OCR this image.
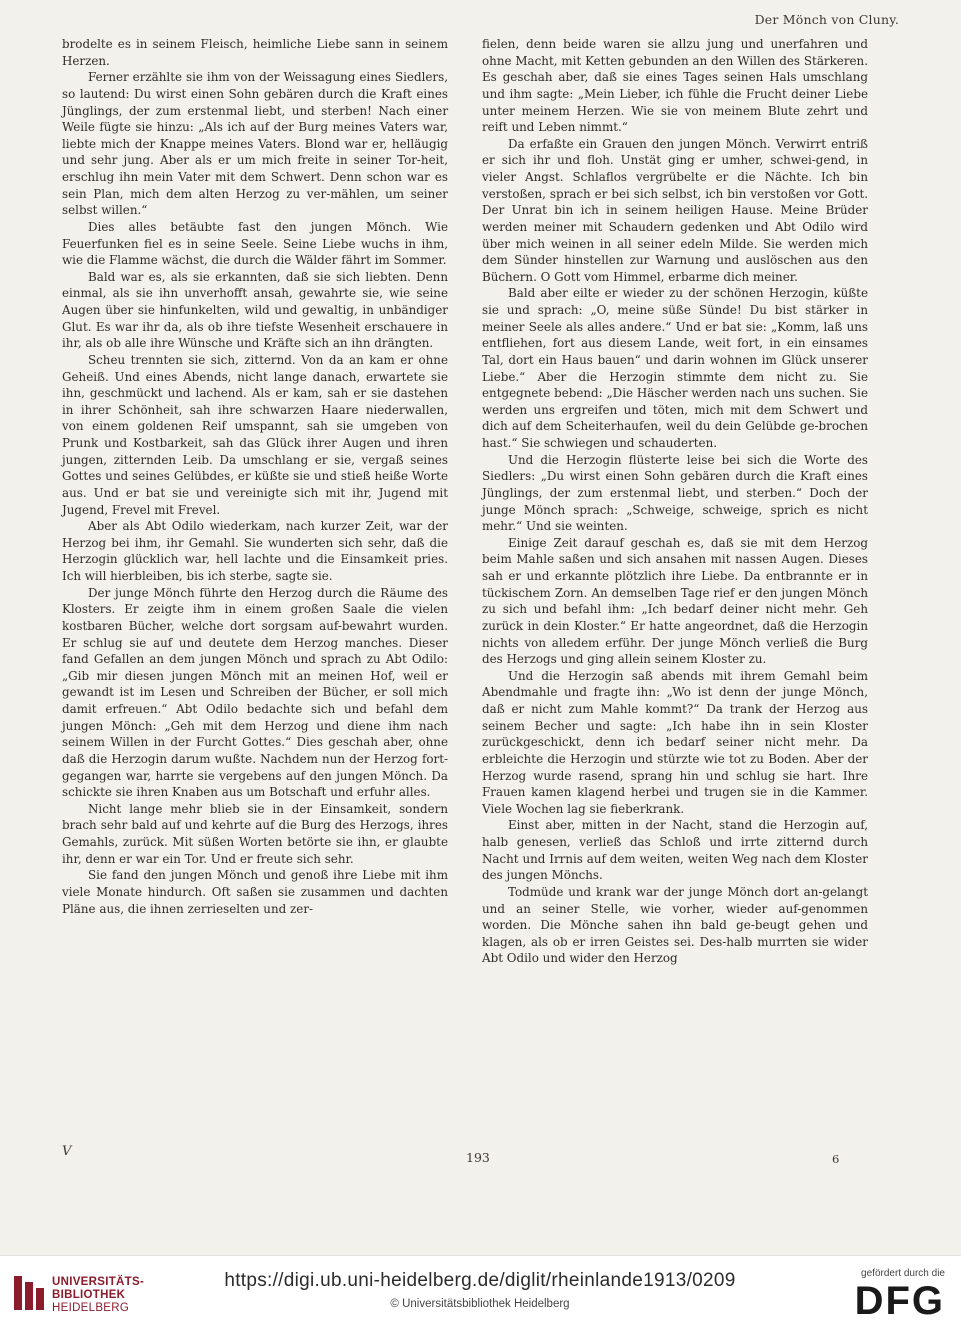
Der Mönch von Cluny.

brodelte es in seinem Fleisch, heimliche Liebe sann in seinem Herzen.

Ferner erzählte sie ihm von der Weissagung eines Siedlers, so lautend: Du wirst einen Sohn gebären durch die Kraft eines Jünglings, der zum erstenmal liebt, und sterben! Nach einer Weile fügte sie hinzu: „Als ich auf der Burg meines Vaters war, liebte mich der Knappe meines Vaters. Blond war er, helläugig und sehr jung. Aber als er um mich freite in seiner Tor-heit, erschlug ihn mein Vater mit dem Schwert. Denn schon war es sein Plan, mich dem alten Herzog zu ver-mählen, um seiner selbst willen.“

Dies alles betäubte fast den jungen Mönch. Wie Feuerfunken fiel es in seine Seele. Seine Liebe wuchs in ihm, wie die Flamme wächst, die durch die Wälder fährt im Sommer.

Bald war es, als sie erkannten, daß sie sich liebten. Denn einmal, als sie ihn unverhofft ansah, gewahrte sie, wie seine Augen über sie hinfunkelten, wild und gewaltig, in unbändiger Glut. Es war ihr da, als ob ihre tiefste Wesenheit erschauere in ihr, als ob alle ihre Wünsche und Kräfte sich an ihn drängten.

Scheu trennten sie sich, zitternd. Von da an kam er ohne Geheiß. Und eines Abends, nicht lange danach, erwartete sie ihn, geschmückt und lachend. Als er kam, sah er sie dastehen in ihrer Schönheit, sah ihre schwarzen Haare niederwallen, von einem goldenen Reif umspannt, sah sie umgeben von Prunk und Kostbarkeit, sah das Glück ihrer Augen und ihren jungen, zitternden Leib. Da umschlang er sie, vergaß seines Gottes und seines Gelübdes, er küßte sie und stieß heiße Worte aus. Und er bat sie und vereinigte sich mit ihr, Jugend mit Jugend, Frevel mit Frevel.

Aber als Abt Odilo wiederkam, nach kurzer Zeit, war der Herzog bei ihm, ihr Gemahl. Sie wunderten sich sehr, daß die Herzogin glücklich war, hell lachte und die Einsamkeit pries. Ich will hierbleiben, bis ich sterbe, sagte sie.

Der junge Mönch führte den Herzog durch die Räume des Klosters. Er zeigte ihm in einem großen Saale die vielen kostbaren Bücher, welche dort sorgsam auf-bewahrt wurden. Er schlug sie auf und deutete dem Herzog manches. Dieser fand Gefallen an dem jungen Mönch und sprach zu Abt Odilo: „Gib mir diesen jungen Mönch mit an meinen Hof, weil er gewandt ist im Lesen und Schreiben der Bücher, er soll mich damit erfreuen.“ Abt Odilo bedachte sich und befahl dem jungen Mönch: „Geh mit dem Herzog und diene ihm nach seinem Willen in der Furcht Gottes.“ Dies geschah aber, ohne daß die Herzogin darum wußte. Nachdem nun der Herzog fort-gegangen war, harrte sie vergebens auf den jungen Mönch. Da schickte sie ihren Knaben aus um Botschaft und erfuhr alles.

Nicht lange mehr blieb sie in der Einsamkeit, sondern brach sehr bald auf und kehrte auf die Burg des Herzogs, ihres Gemahls, zurück. Mit süßen Worten betörte sie ihn, er glaubte ihr, denn er war ein Tor. Und er freute sich sehr.

Sie fand den jungen Mönch und genoß ihre Liebe mit ihm viele Monate hindurch. Oft saßen sie zusammen und dachten Pläne aus, die ihnen zerrieselten und zer-

fielen, denn beide waren sie allzu jung und unerfahren und ohne Macht, mit Ketten gebunden an den Willen des Stärkeren. Es geschah aber, daß sie eines Tages seinen Hals umschlang und ihm sagte: „Mein Lieber, ich fühle die Frucht deiner Liebe unter meinem Herzen. Wie sie von meinem Blute zehrt und reift und Leben nimmt.“

Da erfaßte ein Grauen den jungen Mönch. Verwirrt entriß er sich ihr und floh. Unstät ging er umher, schwei-gend, in vieler Angst. Schlaflos vergrübelte er die Nächte. Ich bin verstoßen, sprach er bei sich selbst, ich bin verstoßen vor Gott. Der Unrat bin ich in seinem heiligen Hause. Meine Brüder werden meiner mit Schaudern gedenken und Abt Odilo wird über mich weinen in all seiner edeln Milde. Sie werden mich dem Sünder hinstellen zur Warnung und auslöschen aus den Büchern. O Gott vom Himmel, erbarme dich meiner.

Bald aber eilte er wieder zu der schönen Herzogin, küßte sie und sprach: „O, meine süße Sünde! Du bist stärker in meiner Seele als alles andere.“ Und er bat sie: „Komm, laß uns entfliehen, fort aus diesem Lande, weit fort, in ein einsames Tal, dort ein Haus bauen“ und darin wohnen im Glück unserer Liebe.“ Aber die Herzogin stimmte dem nicht zu. Sie entgegnete bebend: „Die Häscher werden nach uns suchen. Sie werden uns ergreifen und töten, mich mit dem Schwert und dich auf dem Scheiterhaufen, weil du dein Gelübde ge-brochen hast.“ Sie schwiegen und schauderten.

Und die Herzogin flüsterte leise bei sich die Worte des Siedlers: „Du wirst einen Sohn gebären durch die Kraft eines Jünglings, der zum erstenmal liebt, und sterben.“ Doch der junge Mönch sprach: „Schweige, schweige, sprich es nicht mehr.“ Und sie weinten.

Einige Zeit darauf geschah es, daß sie mit dem Herzog beim Mahle saßen und sich ansahen mit nassen Augen. Dieses sah er und erkannte plötzlich ihre Liebe. Da entbrannte er in tückischem Zorn. An demselben Tage rief er den jungen Mönch zu sich und befahl ihm: „Ich bedarf deiner nicht mehr. Geh zurück in dein Kloster.“ Er hatte angeordnet, daß die Herzogin nichts von alledem erführ. Der junge Mönch verließ die Burg des Herzogs und ging allein seinem Kloster zu.

Und die Herzogin saß abends mit ihrem Gemahl beim Abendmahle und fragte ihn: „Wo ist denn der junge Mönch, daß er nicht zum Mahle kommt?“ Da trank der Herzog aus seinem Becher und sagte: „Ich habe ihn in sein Kloster zurückgeschickt, denn ich bedarf seiner nicht mehr. Da erbleichte die Herzogin und stürzte wie tot zu Boden. Aber der Herzog wurde rasend, sprang hin und schlug sie hart. Ihre Frauen kamen klagend herbei und trugen sie in die Kammer. Viele Wochen lag sie fieberkrank.

Einst aber, mitten in der Nacht, stand die Herzogin auf, halb genesen, verließ das Schloß und irrte zitternd durch Nacht und Irrnis auf dem weiten, weiten Weg nach dem Kloster des jungen Mönchs.

Todmüde und krank war der junge Mönch dort an-gelangt und an seiner Stelle, wie vorher, wieder auf-genommen worden. Die Mönche sahen ihn bald ge-beugt gehen und klagen, als ob er irren Geistes sei. Des-halb murrten sie wider Abt Odilo und wider den Herzog

V	193	6
UNIVERSITÄTS-
BIBLIOTHEK
HEIDELBERG
https://digi.ub.uni-heidelberg.de/diglit/rheinlande1913/0209
© Universitätsbibliothek Heidelberg
gefördert durch die
DFG
